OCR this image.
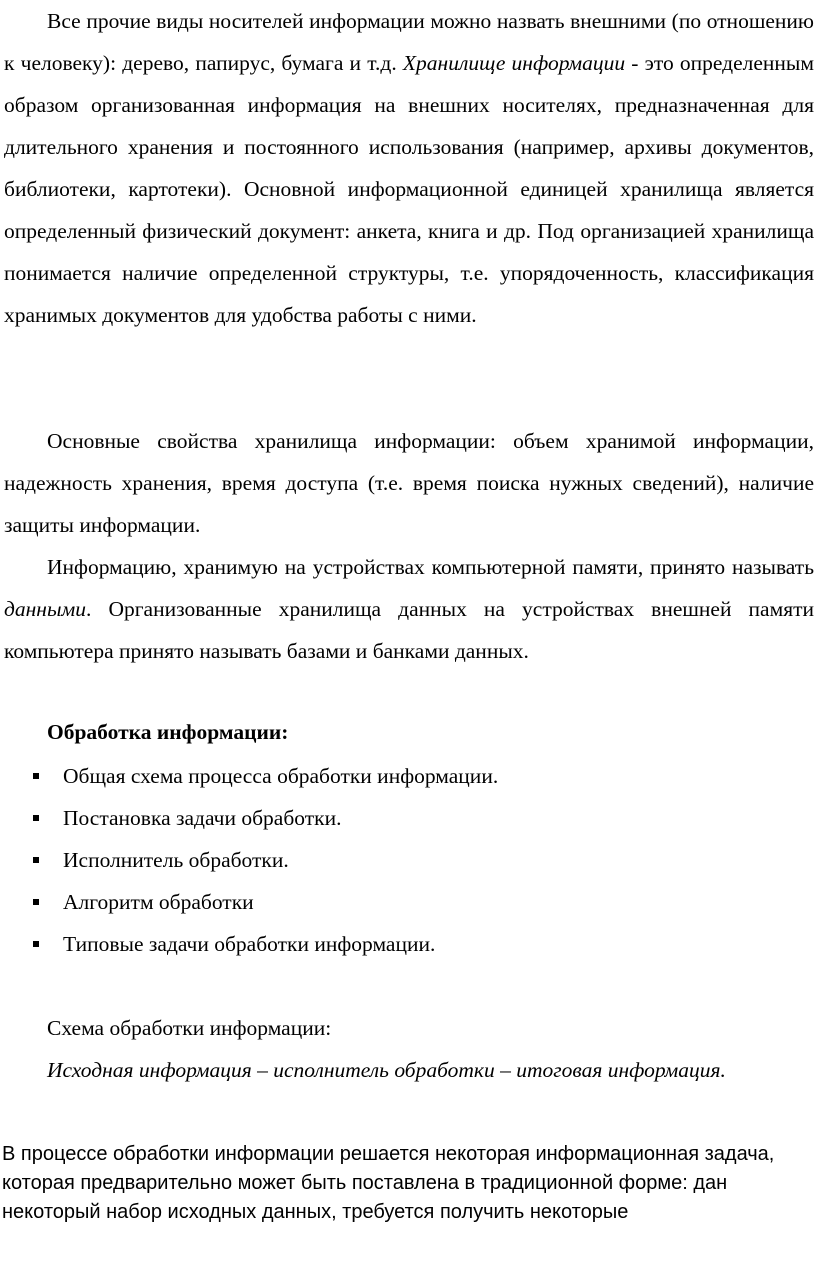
Все прочие виды носителей информации можно назвать внешними (по отношению к человеку): дерево, папирус, бумага и т.д. Хранилище информации - это определенным образом организованная информация на внешних носителях, предназначенная для длительного хранения и постоянного использования (например, архивы документов, библиотеки, картотеки). Основной информационной единицей хранилища является определенный физический документ: анкета, книга и др. Под организацией хранилища понимается наличие определенной структуры, т.е. упорядоченность, классификация хранимых документов для удобства работы с ними.

Основные свойства хранилища информации: объем хранимой информации, надежность хранения, время доступа (т.е. время поиска нужных сведений), наличие защиты информации.

Информацию, хранимую на устройствах компьютерной памяти, принято называть данными. Организованные хранилища данных на устройствах внешней памяти компьютера принято называть базами и банками данных.

Обработка информации:
Общая схема процесса обработки информации.
Постановка задачи обработки.
Исполнитель обработки.
Алгоритм обработки
Типовые задачи обработки информации.

Схема обработки информации:

Исходная информация – исполнитель обработки – итоговая информация.

В процессе обработки информации решается некоторая информационная задача, которая предварительно может быть поставлена в традиционной форме: дан некоторый набор исходных данных, требуется получить некоторые
